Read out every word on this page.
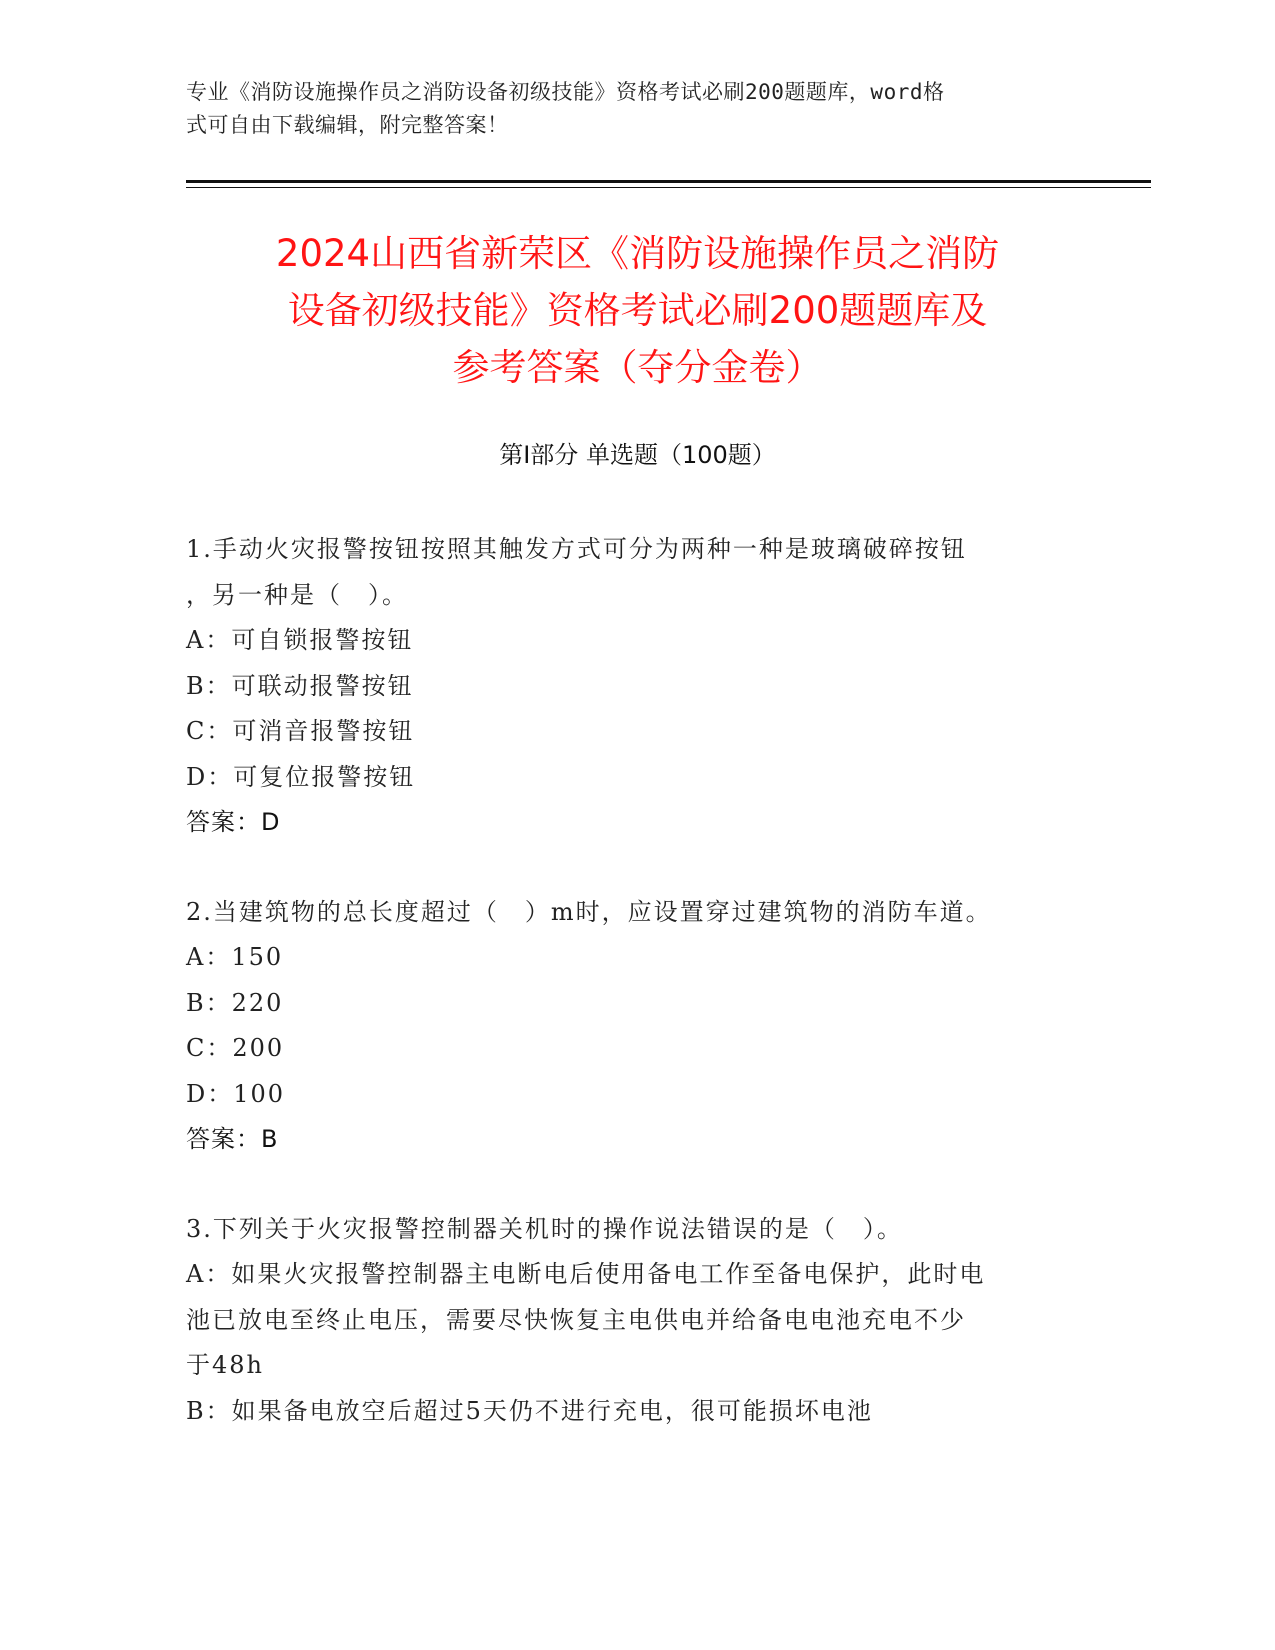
专业《消防设施操作员之消防设备初级技能》资格考试必刷200题题库，word格
式可自由下载编辑，附完整答案！
2024山西省新荣区《消防设施操作员之消防
设备初级技能》资格考试必刷200题题库及
参考答案（夺分金卷）
第Ⅰ部分 单选题（100题）
1.手动火灾报警按钮按照其触发方式可分为两种一种是玻璃破碎按钮
，另一种是（　）。
A：可自锁报警按钮
B：可联动报警按钮
C：可消音报警按钮
D：可复位报警按钮
答案：D
2.当建筑物的总长度超过（　）m时，应设置穿过建筑物的消防车道。
A：150
B：220
C：200
D：100
答案：B
3.下列关于火灾报警控制器关机时的操作说法错误的是（　）。
A：如果火灾报警控制器主电断电后使用备电工作至备电保护，此时电
池已放电至终止电压，需要尽快恢复主电供电并给备电电池充电不少
于48h
B：如果备电放空后超过5天仍不进行充电，很可能损坏电池
